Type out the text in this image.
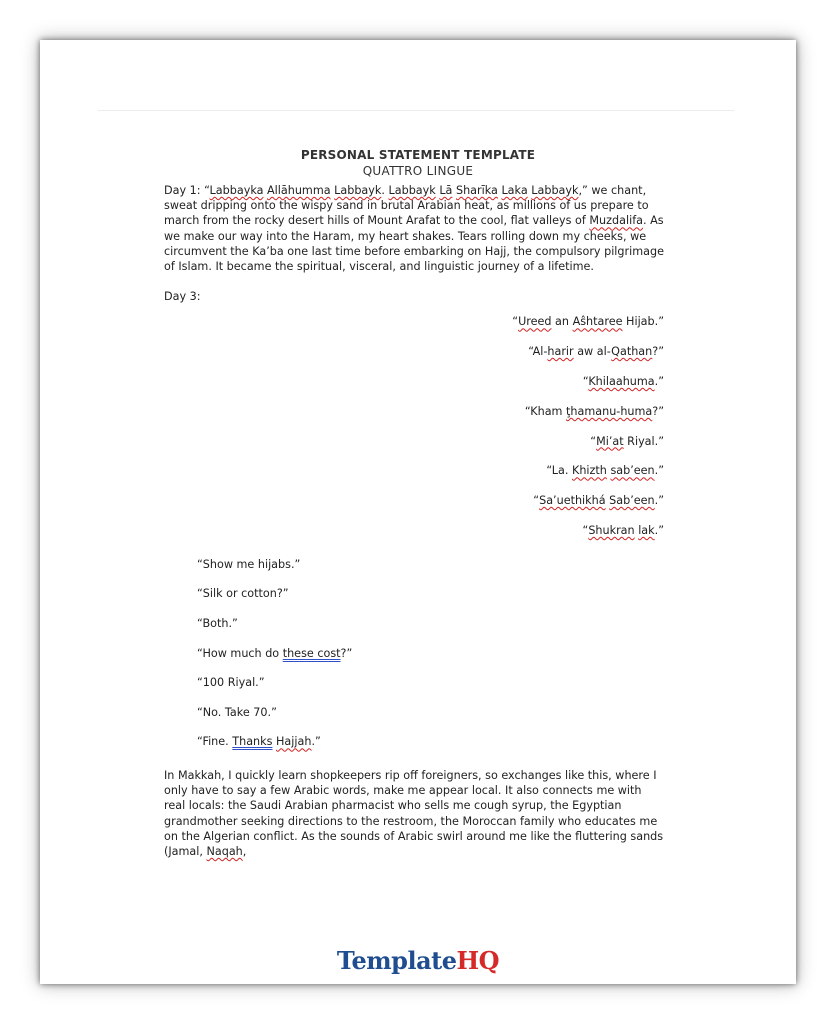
PERSONAL STATEMENT TEMPLATE
QUATTRO LINGUE

Day 1: “Labbayka Allāhumma Labbayk. Labbayk Lā Sharīka Laka Labbayk,” we chant, sweat dripping onto the wispy sand in brutal Arabian heat, as millions of us prepare to march from the rocky desert hills of Mount Arafat to the cool, flat valleys of Muzdalifa. As we make our way into the Haram, my heart shakes. Tears rolling down my cheeks, we circumvent the Ka’ba one last time before embarking on Hajj, the compulsory pilgrimage of Islam. It became the spiritual, visceral, and linguistic journey of a lifetime.

Day 3:

“Ureed an Aŝhtaree Hijab.”
“Al-harir aw al-Qathan?”
“Khilaahuma.”
“Kham ţhamanu-huma?”
“Mi’at Riyal.”
“La. Khizth sab’een.”
“Sa’uethikhá Sab’een.”
“Shukran lak.”
“Show me hijabs.”
“Silk or cotton?”
“Both.”
“How much do these cost?”
“100 Riyal.”
“No. Take 70.”
“Fine. Thanks Hajjah.”

In Makkah, I quickly learn shopkeepers rip off foreigners, so exchanges like this, where I only have to say a few Arabic words, make me appear local. It also connects me with real locals: the Saudi Arabian pharmacist who sells me cough syrup, the Egyptian grandmother seeking directions to the restroom, the Moroccan family who educates me on the Algerian conflict. As the sounds of Arabic swirl around me like the fluttering sands (Jamal, Naqah,

TemplateHQ
